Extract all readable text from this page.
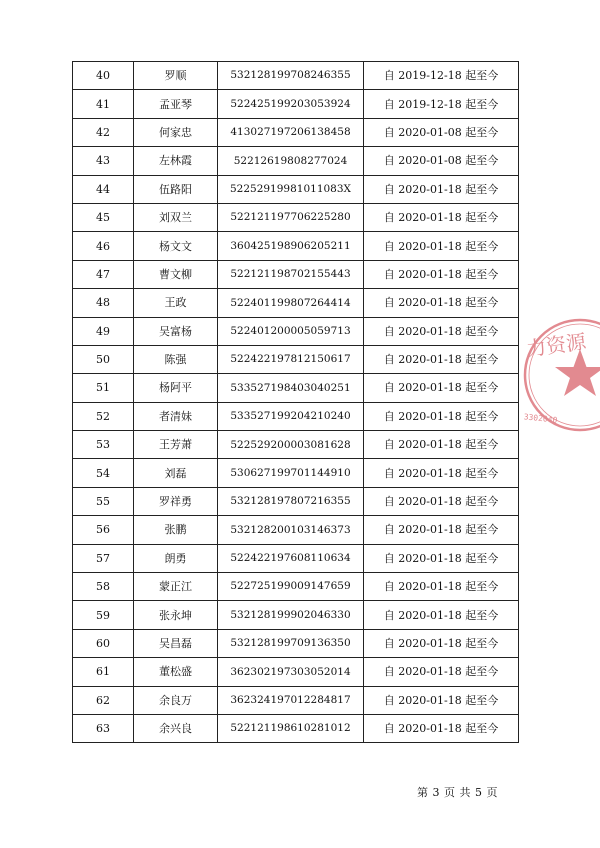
40	罗顺	532128199708246355	自 2019-12-18 起至今
41	孟亚琴	522425199203053924	自 2019-12-18 起至今
42	何家忠	413027197206138458	自 2020-01-08 起至今
43	左林霞	52212619808277024	自 2020-01-08 起至今
44	伍路阳	52252919981011083X	自 2020-01-18 起至今
45	刘双兰	522121197706225280	自 2020-01-18 起至今
46	杨文文	360425198906205211	自 2020-01-18 起至今
47	曹文柳	522121198702155443	自 2020-01-18 起至今
48	王政	522401199807264414	自 2020-01-18 起至今
49	吴富杨	522401200005059713	自 2020-01-18 起至今
50	陈强	522422197812150617	自 2020-01-18 起至今
51	杨阿平	533527198403040251	自 2020-01-18 起至今
52	者清妹	533527199204210240	自 2020-01-18 起至今
53	王芳萧	522529200003081628	自 2020-01-18 起至今
54	刘磊	530627199701144910	自 2020-01-18 起至今
55	罗祥勇	532128197807216355	自 2020-01-18 起至今
56	张鹏	532128200103146373	自 2020-01-18 起至今
57	朗勇	522422197608110634	自 2020-01-18 起至今
58	蒙正江	522725199009147659	自 2020-01-18 起至今
59	张永坤	532128199902046330	自 2020-01-18 起至今
60	吴昌磊	532128199709136350	自 2020-01-18 起至今
61	董松盛	362302197303052014	自 2020-01-18 起至今
62	余良万	362324197012284817	自 2020-01-18 起至今
63	余兴良	522121198610281012	自 2020-01-18 起至今
第 3 页 共 5 页
力资源
3302040
